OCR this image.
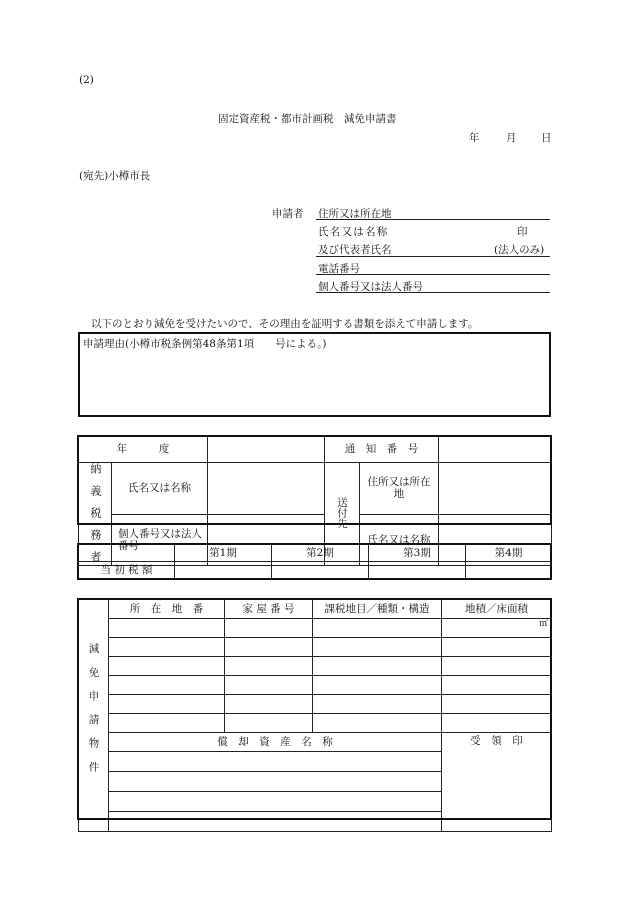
(2)
固定資産税・都市計画税　減免申請書
年	月 日
(宛先)小樽市長
申請者 住所又は所在地
氏名又は名称	印
及び代表者氏名	(法人のみ)
電話番号
個人番号又は法人番号
以下のとおり減免を受けたいので、その理由を証明する書類を添えて申請します。
申請理由(小樽市税条例第48条第1項　　号による。)
年　　　度			通　知　番　号		
納　義　税　務　者	氏名又は名称		送付先	住所又は所在地	
	個人番号又は法人番号			氏名又は名称	
	第1期	第2期	第3期	第4期
当 初 税 額				
減免申請物件	所　在　地　番	家 屋 番 号	課税地目／種類・構造	地積／床面積
				㎡

	償　却　資　産　名　称			受　領　印
